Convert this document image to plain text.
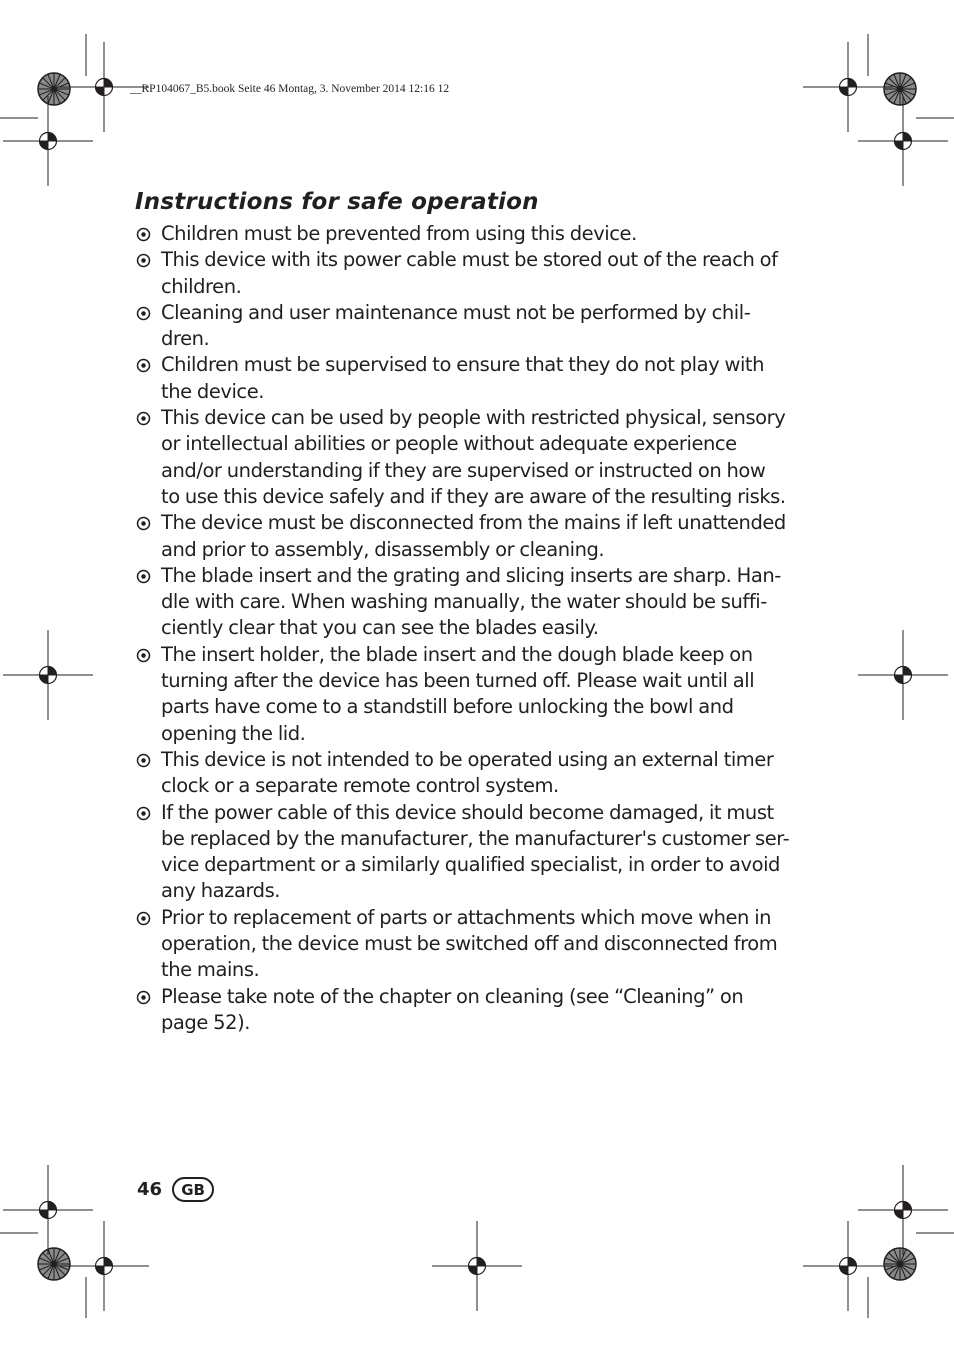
__RP104067_B5.book Seite 46 Montag, 3. November 2014 12:16 12
Instructions for safe operation
Children must be prevented from using this device.
This device with its power cable must be stored out of the reach of
children.
Cleaning and user maintenance must not be performed by chil-
dren.
Children must be supervised to ensure that they do not play with
the device.
This device can be used by people with restricted physical, sensory
or intellectual abilities or people without adequate experience
and/or understanding if they are supervised or instructed on how
to use this device safely and if they are aware of the resulting risks.
The device must be disconnected from the mains if left unattended
and prior to assembly, disassembly or cleaning.
The blade insert and the grating and slicing inserts are sharp. Han-
dle with care. When washing manually, the water should be suffi-
ciently clear that you can see the blades easily.
The insert holder, the blade insert and the dough blade keep on
turning after the device has been turned off. Please wait until all
parts have come to a standstill before unlocking the bowl and
opening the lid.
This device is not intended to be operated using an external timer
clock or a separate remote control system.
If the power cable of this device should become damaged, it must
be replaced by the manufacturer, the manufacturer's customer ser-
vice department or a similarly qualified specialist, in order to avoid
any hazards.
Prior to replacement of parts or attachments which move when in
operation, the device must be switched off and disconnected from
the mains.
Please take note of the chapter on cleaning (see “Cleaning” on
page 52).
46	GB
